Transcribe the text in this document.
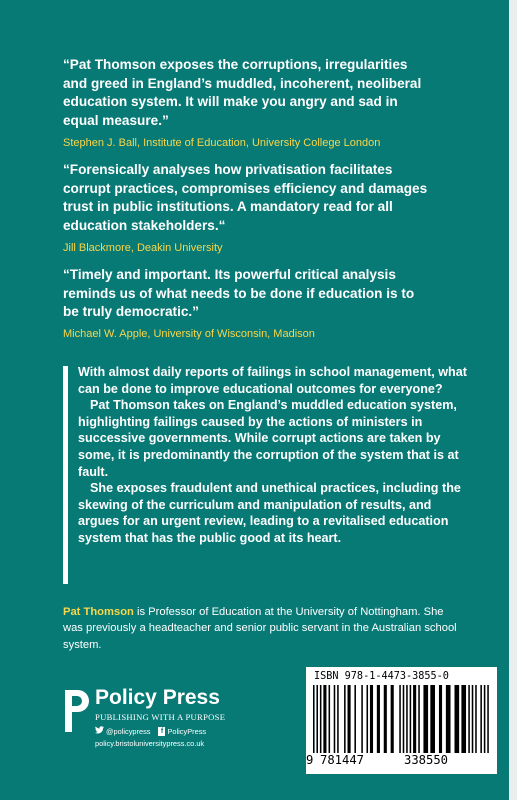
“Pat Thomson exposes the corruptions, irregularities
and greed in England’s muddled, incoherent, neoliberal
education system. It will make you angry and sad in
equal measure.”
Stephen J. Ball, Institute of Education, University College London
“Forensically analyses how privatisation facilitates
corrupt practices, compromises efficiency and damages
trust in public institutions. A mandatory read for all
education stakeholders.“
Jill Blackmore, Deakin University
“Timely and important. Its powerful critical analysis
reminds us of what needs to be done if education is to
be truly democratic.”
Michael W. Apple, University of Wisconsin, Madison

With almost daily reports of failings in school management, what can be done to improve educational outcomes for everyone?

Pat Thomson takes on England’s muddled education system, highlighting failings caused by the actions of ministers in successive governments. While corrupt actions are taken by some, it is predominantly the corruption of the system that is at fault.

She exposes fraudulent and unethical practices, including the skewing of the curriculum and manipulation of results, and argues for an urgent review, leading to a revitalised education system that has the public good at its heart.

Pat Thomson is Professor of Education at the University of Nottingham. She was previously a headteacher and senior public servant in the Australian school system.
Policy Press
PUBLISHING WITH A PURPOSE
@policypress f PolicyPress
policy.bristoluniversitypress.co.uk
ISBN 978-1-4473-3855-0
9 781447	338550
